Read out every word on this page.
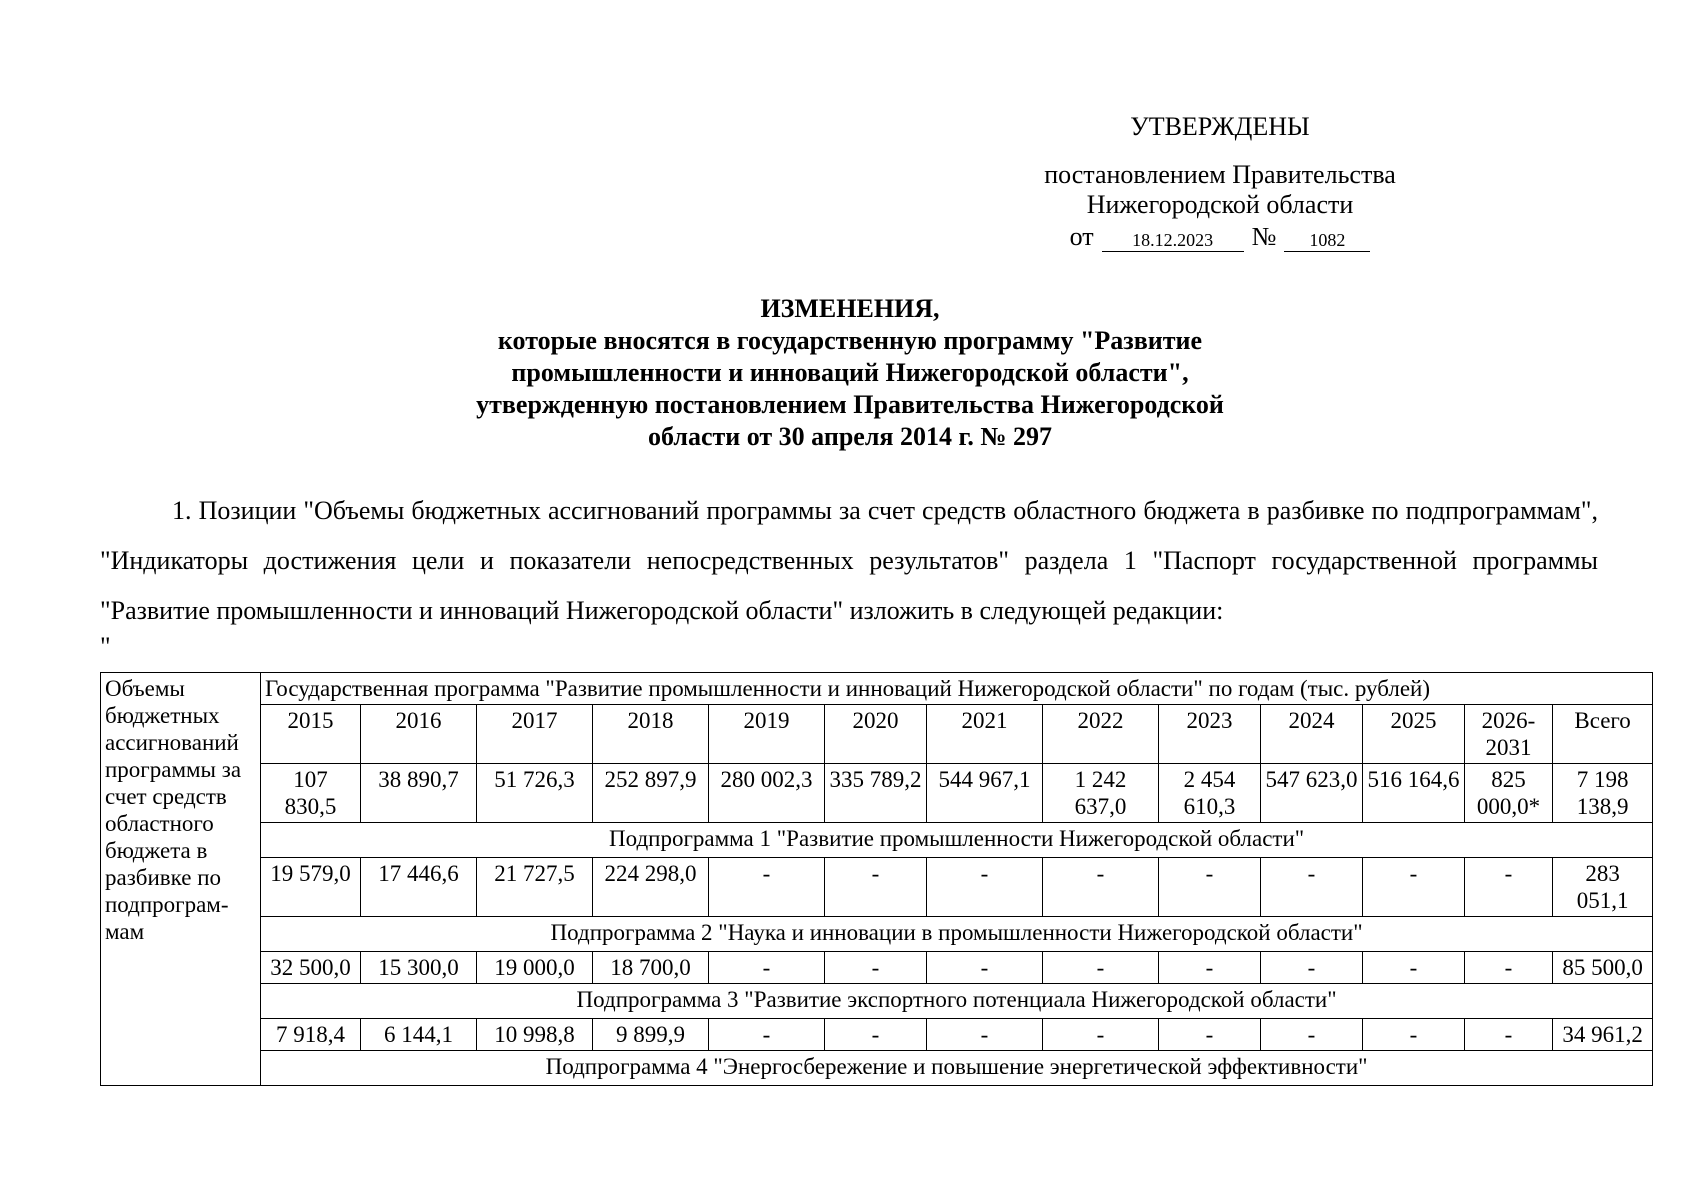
УТВЕРЖДЕНЫ
постановлением Правительства
Нижегородской области
от	18.12.2023	№	1082
ИЗМЕНЕНИЯ,
которые вносятся в государственную программу "Развитие
промышленности и инноваций Нижегородской области",
утвержденную постановлением Правительства Нижегородской
области от 30 апреля 2014 г. № 297
1. Позиции "Объемы бюджетных ассигнований программы за счет средств областного бюджета в разбивке по подпрограммам", "Индикаторы достижения цели и показатели непосредственных результатов" раздела 1 "Паспорт государственной программы "Развитие промышленности и инноваций Нижегородской области" изложить в следующей редакции:
"
Объемы бюджетных ассигнований программы за счет средств областного бюджета в разбивке по подпрограммам	Государственная программа "Развитие промышленности и инноваций Нижегородской области" по годам (тыс. рублей)												
	2015	2016	2017	2018	2019	2020	2021	2022	2023	2024	2025	2026-2031	Всего
	107 830,5	38 890,7	51 726,3	252 897,9	280 002,3	335 789,2	544 967,1	1 242 637,0	2 454 610,3	547 623,0	516 164,6	825 000,0*	7 198 138,9
	Подпрограмма 1 "Развитие промышленности Нижегородской области"												
	19 579,0	17 446,6	21 727,5	224 298,0	-	-	-	-	-	-	-	-	283 051,1
	Подпрограмма 2 "Наука и инновации в промышленности Нижегородской области"												
	32 500,0	15 300,0	19 000,0	18 700,0	-	-	-	-	-	-	-	-	85 500,0
	Подпрограмма 3 "Развитие экспортного потенциала Нижегородской области"												
	7 918,4	6 144,1	10 998,8	9 899,9	-	-	-	-	-	-	-	-	34 961,2
	Подпрограмма 4 "Энергосбережение и повышение энергетической эффективности"												
